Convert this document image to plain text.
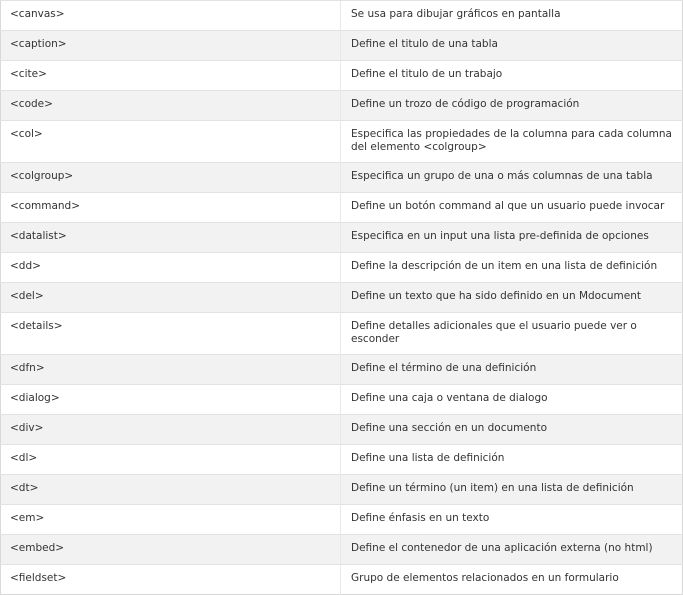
<canvas>	Se usa para dibujar gráficos en pantalla
<caption>	Define el titulo de una tabla
<cite>	Define el titulo de un trabajo
<code>	Define un trozo de código de programación
<col>	Especifica las propiedades de la columna para cada columna del elemento <colgroup>
<colgroup>	Especifica un grupo de una o más columnas de una tabla
<command>	Define un botón command al que un usuario puede invocar
<datalist>	Especifica en un input una lista pre-definida de opciones
<dd>	Define la descripción de un item en una lista de definición
<del>	Define un texto que ha sido definido en un Mdocument
<details>	Define detalles adicionales que el usuario puede ver o esconder
<dfn>	Define el término de una definición
<dialog>	Define una caja o ventana de dialogo
<div>	Define una sección en un documento
<dl>	Define una lista de definición
<dt>	Define un término (un item) en una lista de definición
<em>	Define énfasis en un texto
<embed>	Define el contenedor de una aplicación externa (no html)
<fieldset>	Grupo de elementos relacionados en un formulario
